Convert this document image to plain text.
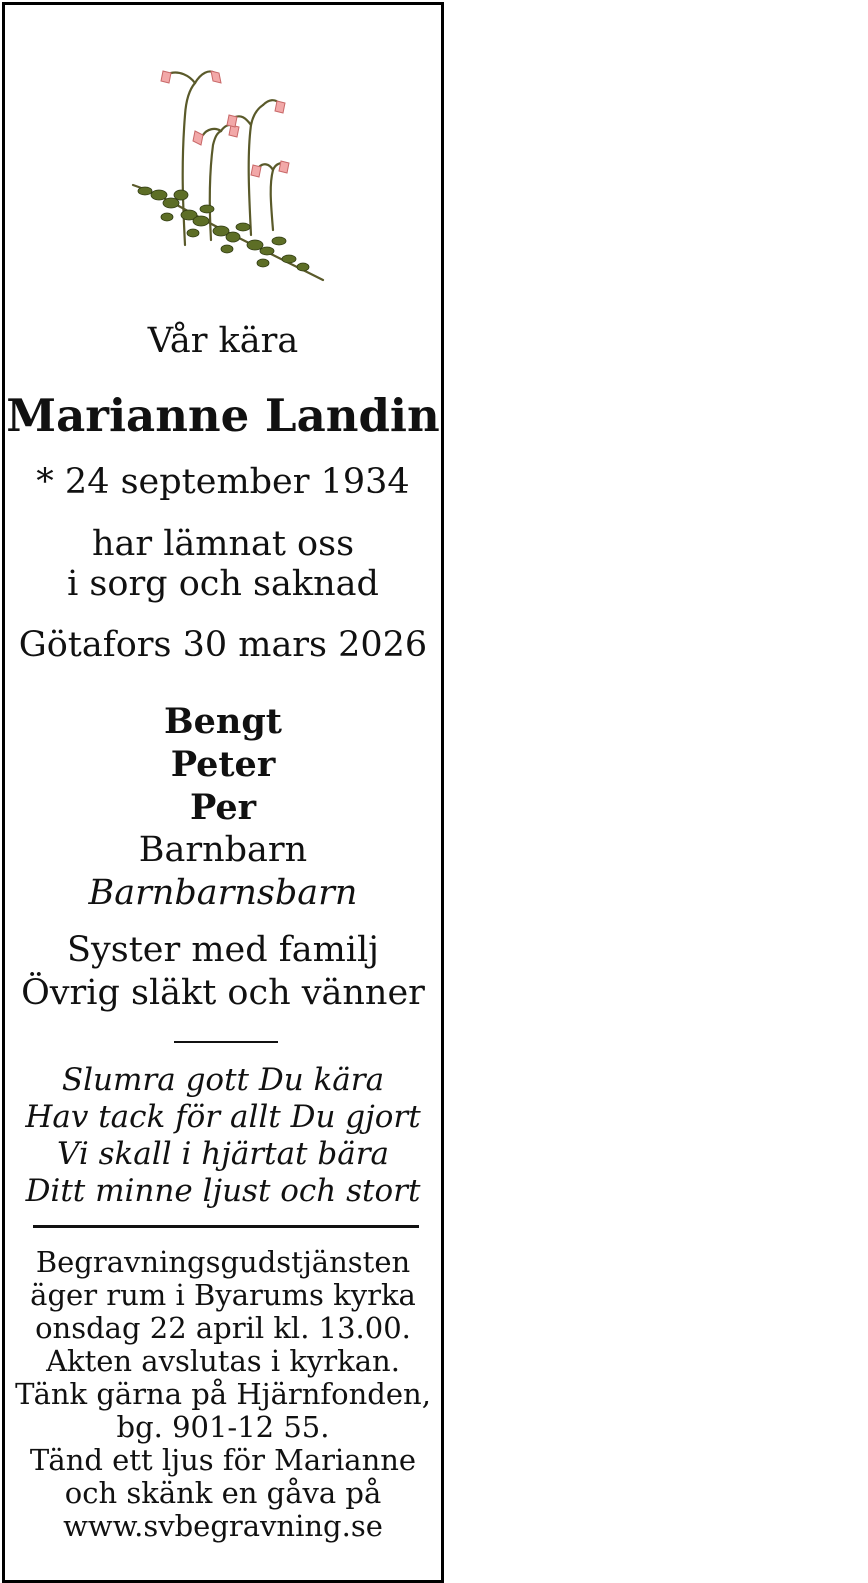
Vår kära
Marianne Landin
* 24 september 1934
har lämnat oss
i sorg och saknad
Götafors 30 mars 2026
Bengt
Peter
Per
Barnbarn
Barnbarnsbarn
Syster med familj
Övrig släkt och vänner
Slumra gott Du kära
Hav tack för allt Du gjort
Vi skall i hjärtat bära
Ditt minne ljust och stort
Begravningsgudstjänsten
äger rum i Byarums kyrka
onsdag 22 april kl. 13.00.
Akten avslutas i kyrkan.
Tänk gärna på Hjärnfonden,
bg. 901-12 55.
Tänd ett ljus för Marianne
och skänk en gåva på
www.svbegravning.se
